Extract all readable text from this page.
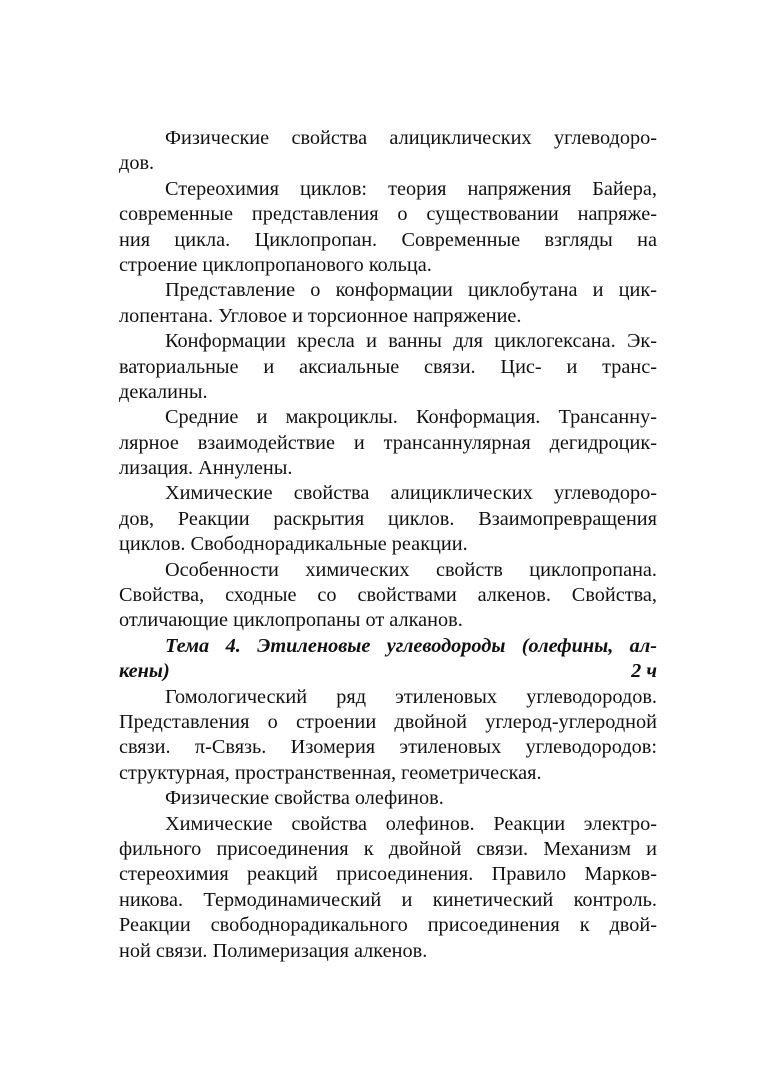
Физические свойства алициклических углеводоро-
дов.
Стереохимия циклов: теория напряжения Байера,
современные представления о существовании напряже-
ния цикла. Циклопропан. Современные взгляды на
строение циклопропанового кольца.
Представление о конформации циклобутана и цик-
лопентана. Угловое и торсионное напряжение.
Конформации кресла и ванны для циклогексана. Эк-
ваториальные и аксиальные связи. Цис- и транс-
декалины.
Средние и макроциклы. Конформация. Трансанну-
лярное взаимодействие и трансаннулярная дегидроцик-
лизация. Аннулены.
Химические свойства алициклических углеводоро-
дов, Реакции раскрытия циклов. Взаимопревращения
циклов. Свободнорадикальные реакции.
Особенности химических свойств циклопропана.
Свойства, сходные со свойствами алкенов. Свойства,
отличающие циклопропаны от алканов.
Тема 4. Этиленовые углеводороды (олефины, ал-
кены)	2 ч
Гомологический ряд этиленовых углеводородов.
Представления о строении двойной углерод-углеродной
связи. π-Связь. Изомерия этиленовых углеводородов:
структурная, пространственная, геометрическая.
Физические свойства олефинов.
Химические свойства олефинов. Реакции электро-
фильного присоединения к двойной связи. Механизм и
стереохимия реакций присоединения. Правило Марков-
никова. Термодинамический и кинетический контроль.
Реакции свободнорадикального присоединения к двой-
ной связи. Полимеризация алкенов.
